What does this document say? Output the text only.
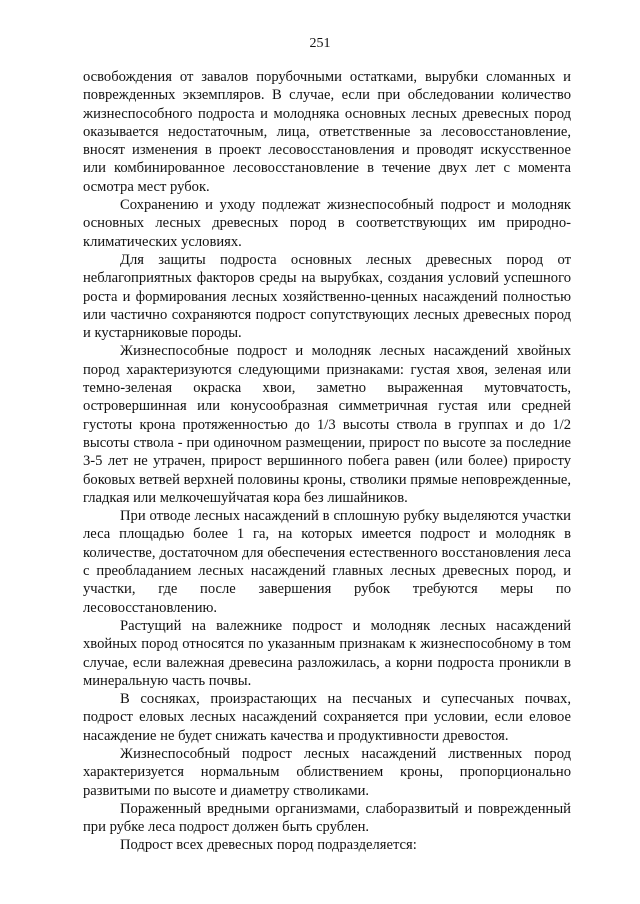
251

освобождения от завалов порубочными остатками, вырубки сломанных и поврежденных экземпляров. В случае, если при обследовании количество жизнеспособного подроста и молодняка основных лесных древесных пород оказывается недостаточным, лица, ответственные за лесовосстановление, вносят изменения в проект лесовосстановления и проводят искусственное или комбинированное лесовосстановление в течение двух лет с момента осмотра мест рубок.

Сохранению и уходу подлежат жизнеспособный подрост и молодняк основных лесных древесных пород в соответствующих им природно-климатических условиях.

Для защиты подроста основных лесных древесных пород от неблагоприятных факторов среды на вырубках, создания условий успешного роста и формирования лесных хозяйственно-ценных насаждений полностью или частично сохраняются подрост сопутствующих лесных древесных пород и кустарниковые породы.

Жизнеспособные подрост и молодняк лесных насаждений хвойных пород характеризуются следующими признаками: густая хвоя, зеленая или темно-зеленая окраска хвои, заметно выраженная мутовчатость, островершинная или конусообразная симметричная густая или средней густоты крона протяженностью до 1/3 высоты ствола в группах и до 1/2 высоты ствола - при одиночном размещении, прирост по высоте за последние 3-5 лет не утрачен, прирост вершинного побега равен (или более) приросту боковых ветвей верхней половины кроны, стволики прямые неповрежденные, гладкая или мелкочешуйчатая кора без лишайников.

При отводе лесных насаждений в сплошную рубку выделяются участки леса площадью более 1 га, на которых имеется подрост и молодняк в количестве, достаточном для обеспечения естественного восстановления леса с преобладанием лесных насаждений главных лесных древесных пород, и участки, где после завершения рубок требуются меры по лесовосстановлению.

Растущий на валежнике подрост и молодняк лесных насаждений хвойных пород относятся по указанным признакам к жизнеспособному в том случае, если валежная древесина разложилась, а корни подроста проникли в минеральную часть почвы.

В сосняках, произрастающих на песчаных и супесчаных почвах, подрост еловых лесных насаждений сохраняется при условии, если еловое насаждение не будет снижать качества и продуктивности древостоя.

Жизнеспособный подрост лесных насаждений лиственных пород характеризуется нормальным облиствением кроны, пропорционально развитыми по высоте и диаметру стволиками.

Пораженный вредными организмами, слаборазвитый и поврежденный при рубке леса подрост должен быть срублен.

Подрост всех древесных пород подразделяется:
